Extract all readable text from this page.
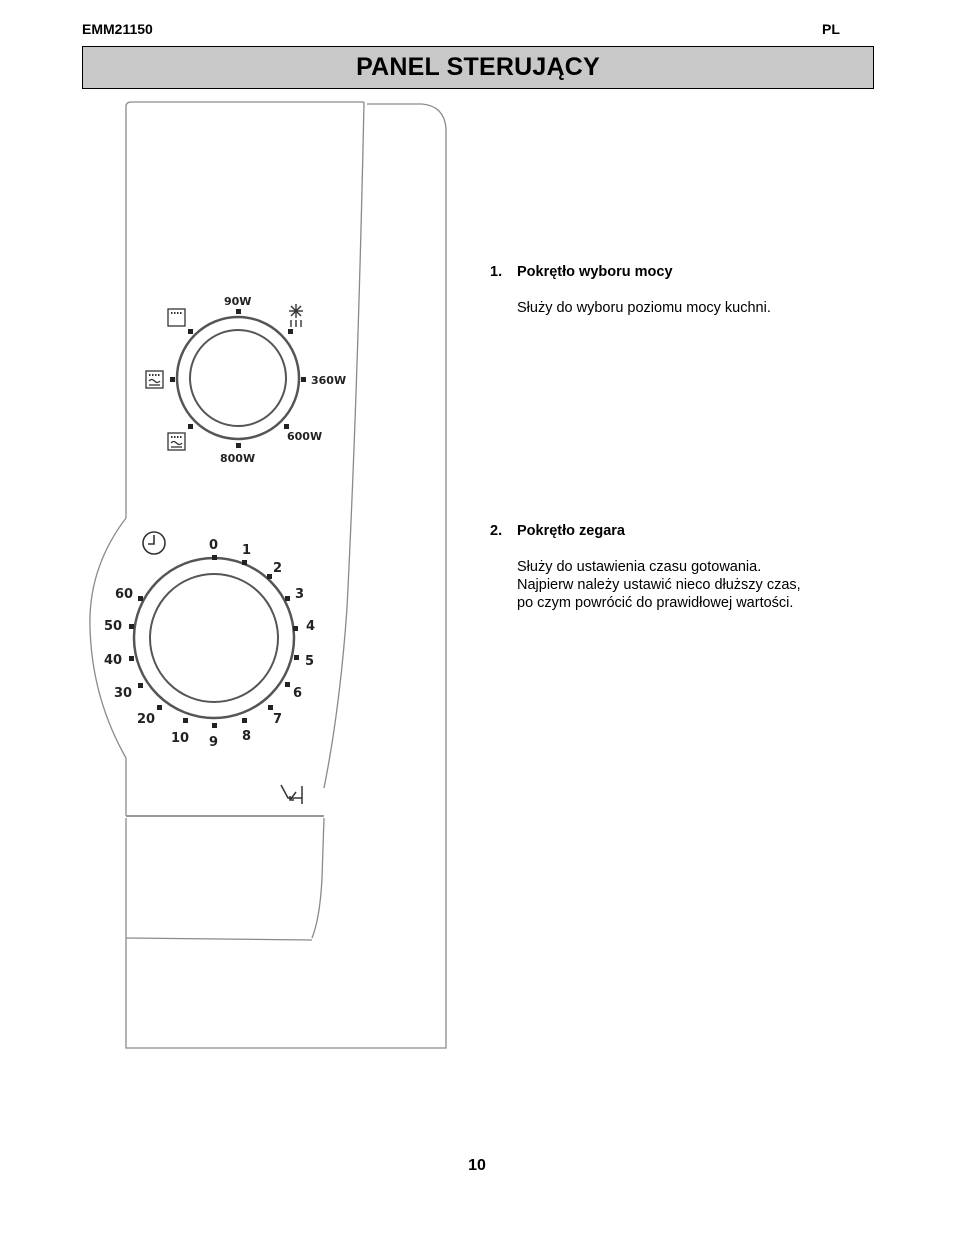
EMM21150	PL
PANEL STERUJĄCY
90W
360W
600W
800W
0 1
2
3
4
5
6
7
8
9
10
20
30
40
50
60
1.	Pokrętło wyboru mocy
Służy do wyboru poziomu mocy kuchni.
2.	Pokrętło zegara
Służy do ustawienia czasu gotowania.
Najpierw należy ustawić nieco dłuższy czas,
po czym powrócić do prawidłowej wartości.
10
